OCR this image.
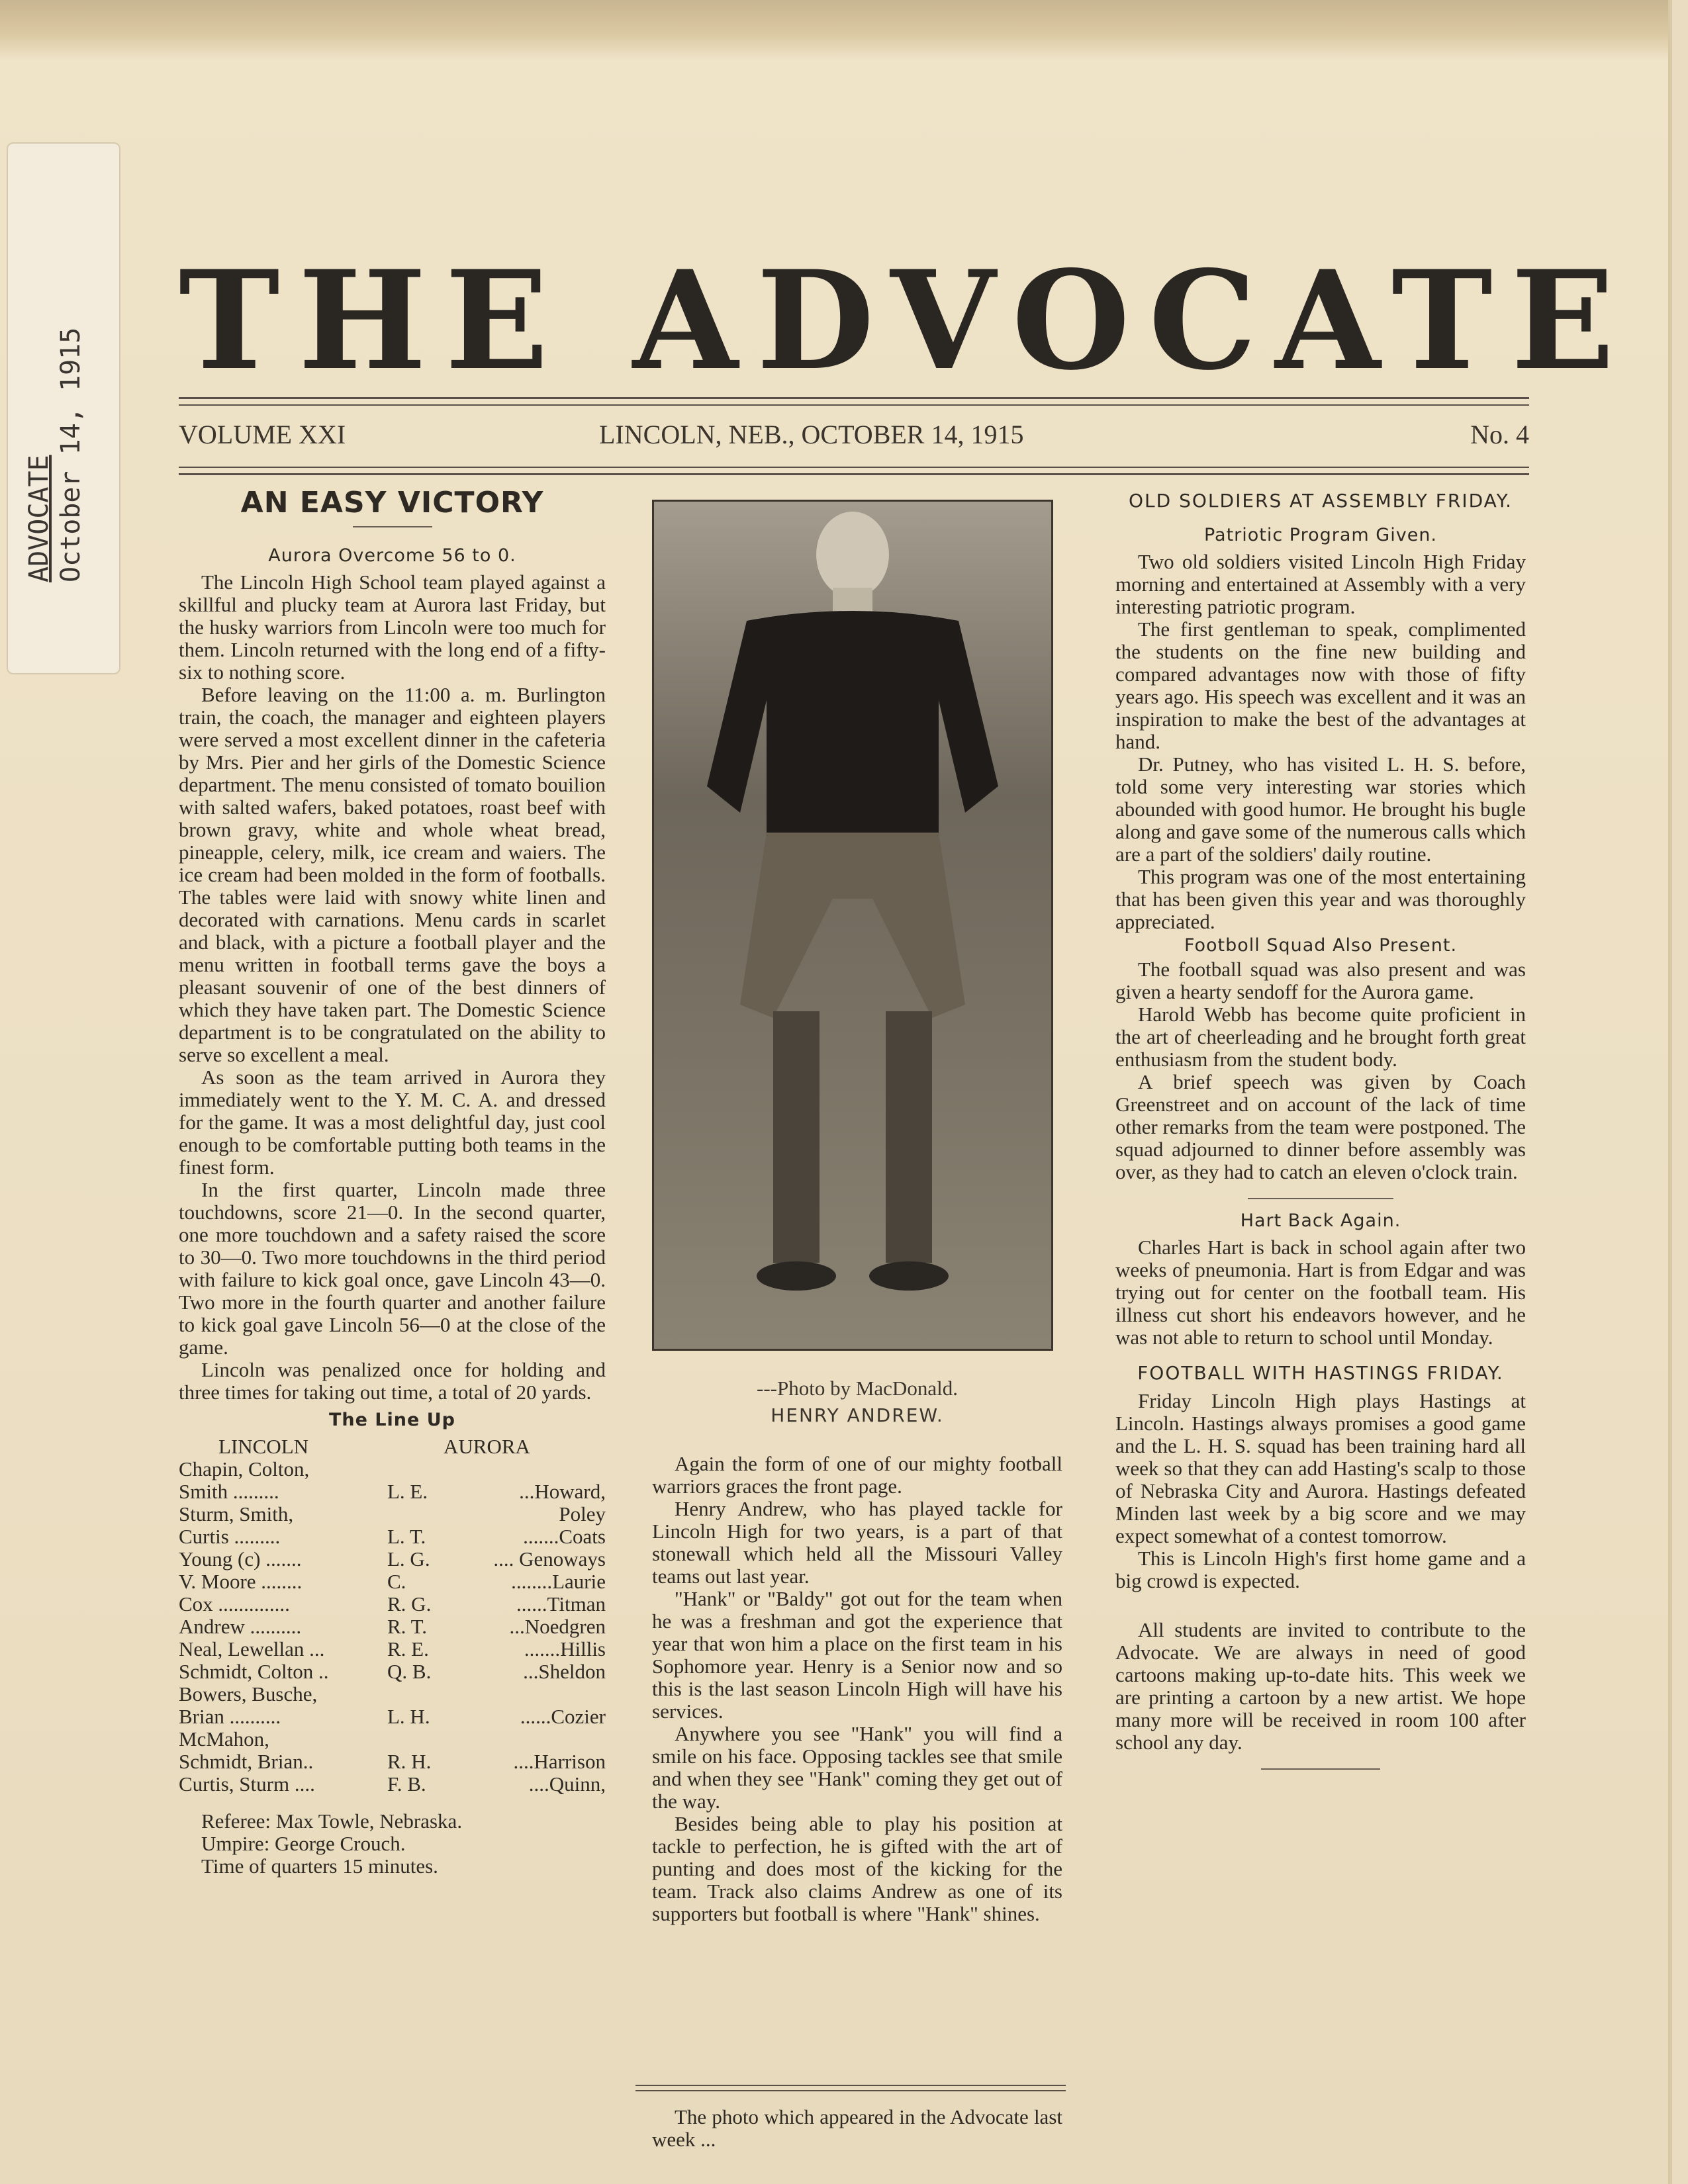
ADVOCATE October 14, 1915
THE ADVOCATE
VOLUME XXI	LINCOLN, NEB., OCTOBER 14, 1915	No. 4
AN EASY VICTORY
Aurora Overcome 56 to 0.

The Lincoln High School team played against a skillful and plucky team at Aurora last Friday, but the husky warriors from Lincoln were too much for them. Lincoln returned with the long end of a fifty-six to nothing score.

Before leaving on the 11:00 a. m. Burlington train, the coach, the manager and eighteen players were served a most excellent dinner in the cafeteria by Mrs. Pier and her girls of the Domestic Science department. The menu consisted of tomato bouilion with salted wafers, baked potatoes, roast beef with brown gravy, white and whole wheat bread, pineapple, celery, milk, ice cream and waiers. The ice cream had been molded in the form of footballs. The tables were laid with snowy white linen and decorated with carnations. Menu cards in scarlet and black, with a picture a football player and the menu written in football terms gave the boys a pleasant souvenir of one of the best dinners of which they have taken part. The Domestic Science department is to be congratulated on the ability to serve so excellent a meal.

As soon as the team arrived in Aurora they immediately went to the Y. M. C. A. and dressed for the game. It was a most delightful day, just cool enough to be comfortable putting both teams in the finest form.

In the first quarter, Lincoln made three touchdowns, score 21—0. In the second quarter, one more touchdown and a safety raised the score to 30—0. Two more touchdowns in the third period with failure to kick goal once, gave Lincoln 43—0. Two more in the fourth quarter and another failure to kick goal gave Lincoln 56—0 at the close of the game.

Lincoln was penalized once for holding and three times for taking out time, a total of 20 yards.

The Line Up
LINCOLN	AURORA
Chapin, Colton,
Smith .........	L. E.	...Howard,
Sturm, Smith,	Poley
Curtis .........	L. T.	.......Coats
Young (c) .......	L. G.	.... Genoways
V. Moore ........	C.	........Laurie
Cox ..............	R. G.	......Titman
Andrew ..........	R. T.	...Noedgren
Neal, Lewellan ...	R. E.	.......Hillis
Schmidt, Colton ..	Q. B.	...Sheldon
Bowers, Busche,
Brian ..........	L. H.	......Cozier
McMahon,
Schmidt, Brian..	R. H.	....Harrison
Curtis, Sturm ....	F. B.	....Quinn,

Referee: Max Towle, Nebraska.

Umpire: George Crouch.

Time of quarters 15 minutes.

---Photo by MacDonald.
HENRY ANDREW.

Again the form of one of our mighty football warriors graces the front page.

Henry Andrew, who has played tackle for Lincoln High for two years, is a part of that stonewall which held all the Missouri Valley teams out last year.

"Hank" or "Baldy" got out for the team when he was a freshman and got the experience that year that won him a place on the first team in his Sophomore year. Henry is a Senior now and so this is the last season Lincoln High will have his services.

Anywhere you see "Hank" you will find a smile on his face. Opposing tackles see that smile and when they see "Hank" coming they get out of the way.

Besides being able to play his position at tackle to perfection, he is gifted with the art of punting and does most of the kicking for the team. Track also claims Andrew as one of its supporters but football is where "Hank" shines.

The photo which appeared in the Advocate last week ...

OLD SOLDIERS AT ASSEMBLY FRIDAY.
Patriotic Program Given.

Two old soldiers visited Lincoln High Friday morning and entertained at Assembly with a very interesting patriotic program.

The first gentleman to speak, complimented the students on the fine new building and compared advantages now with those of fifty years ago. His speech was excellent and it was an inspiration to make the best of the advantages at hand.

Dr. Putney, who has visited L. H. S. before, told some very interesting war stories which abounded with good humor. He brought his bugle along and gave some of the numerous calls which are a part of the soldiers' daily routine.

This program was one of the most entertaining that has been given this year and was thoroughly appreciated.

Footboll Squad Also Present.

The football squad was also present and was given a hearty sendoff for the Aurora game.

Harold Webb has become quite proficient in the art of cheerleading and he brought forth great enthusiasm from the student body.

A brief speech was given by Coach Greenstreet and on account of the lack of time other remarks from the team were postponed. The squad adjourned to dinner before assembly was over, as they had to catch an eleven o'clock train.

Hart Back Again.

Charles Hart is back in school again after two weeks of pneumonia. Hart is from Edgar and was trying out for center on the football team. His illness cut short his endeavors however, and he was not able to return to school until Monday.

FOOTBALL WITH HASTINGS FRIDAY.

Friday Lincoln High plays Hastings at Lincoln. Hastings always promises a good game and the L. H. S. squad has been training hard all week so that they can add Hasting's scalp to those of Nebraska City and Aurora. Hastings defeated Minden last week by a big score and we may expect somewhat of a contest tomorrow.

This is Lincoln High's first home game and a big crowd is expected.

All students are invited to contribute to the Advocate. We are always in need of good cartoons making up-to-date hits. This week we are printing a cartoon by a new artist. We hope many more will be received in room 100 after school any day.
